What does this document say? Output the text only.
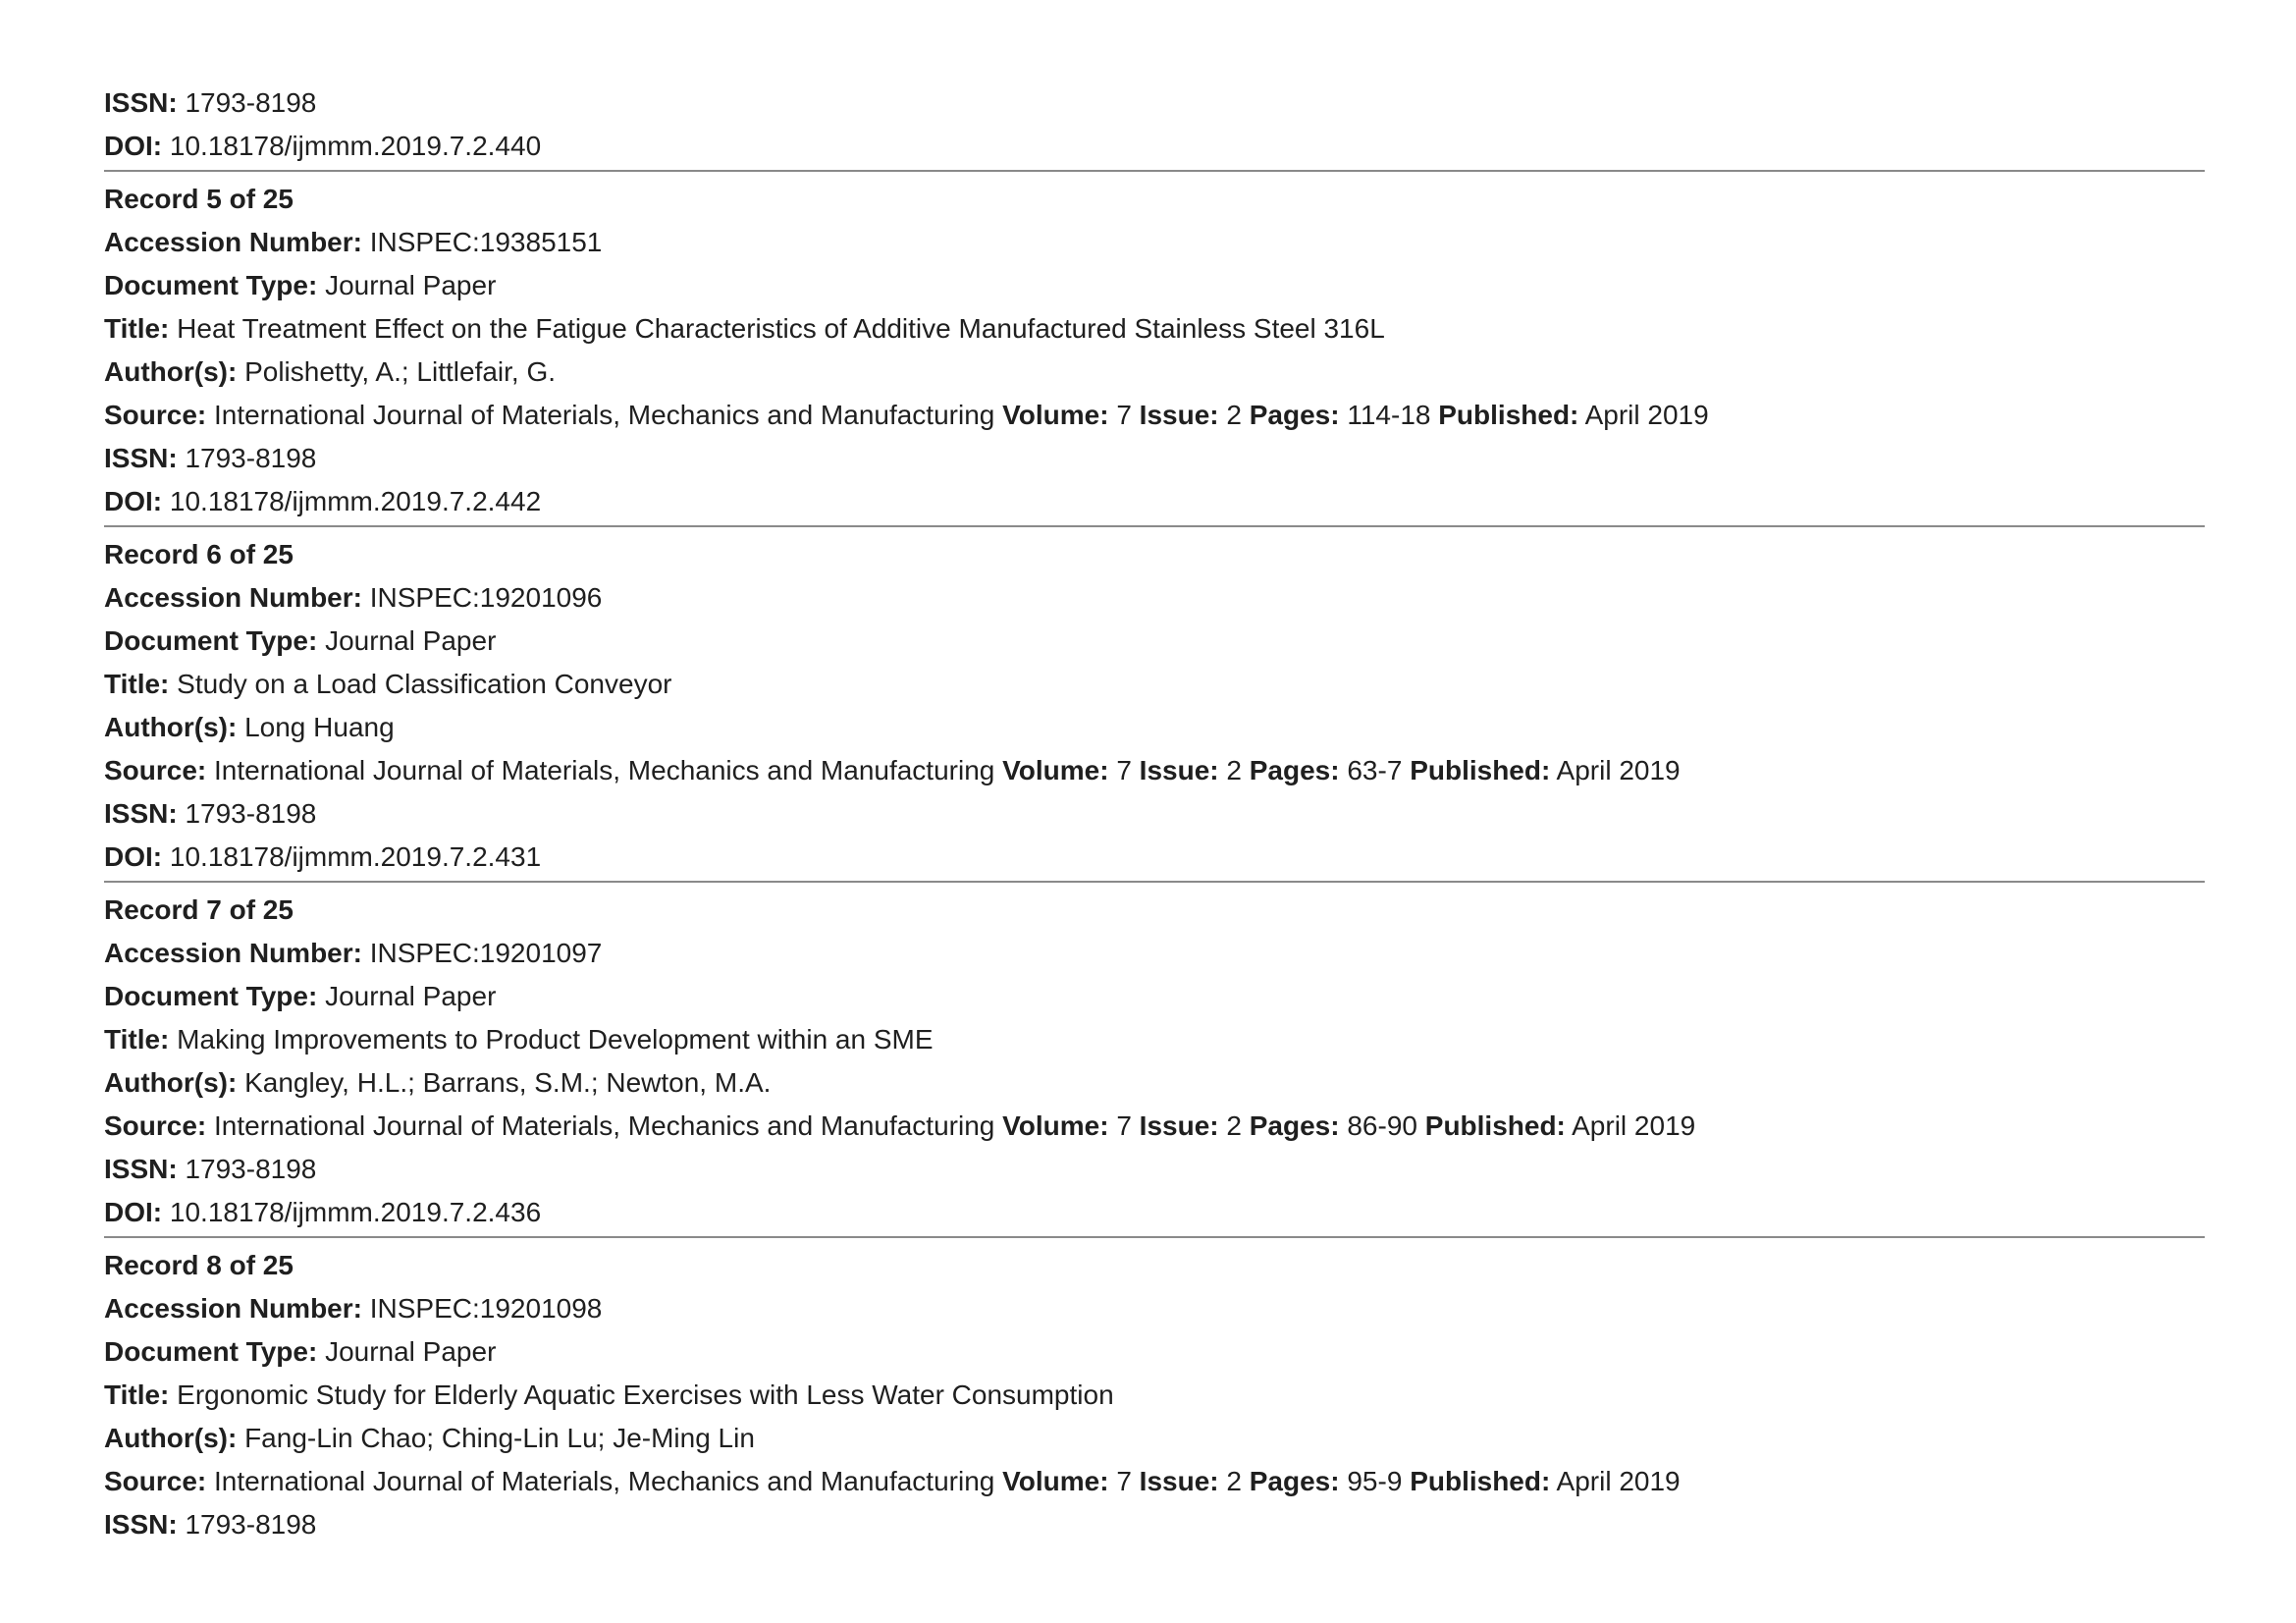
ISSN: 1793-8198
DOI: 10.18178/ijmmm.2019.7.2.440
Record 5 of 25
Accession Number: INSPEC:19385151
Document Type: Journal Paper
Title: Heat Treatment Effect on the Fatigue Characteristics of Additive Manufactured Stainless Steel 316L
Author(s): Polishetty, A.; Littlefair, G.
Source: International Journal of Materials, Mechanics and Manufacturing Volume: 7 Issue: 2 Pages: 114-18 Published: April 2019
ISSN: 1793-8198
DOI: 10.18178/ijmmm.2019.7.2.442
Record 6 of 25
Accession Number: INSPEC:19201096
Document Type: Journal Paper
Title: Study on a Load Classification Conveyor
Author(s): Long Huang
Source: International Journal of Materials, Mechanics and Manufacturing Volume: 7 Issue: 2 Pages: 63-7 Published: April 2019
ISSN: 1793-8198
DOI: 10.18178/ijmmm.2019.7.2.431
Record 7 of 25
Accession Number: INSPEC:19201097
Document Type: Journal Paper
Title: Making Improvements to Product Development within an SME
Author(s): Kangley, H.L.; Barrans, S.M.; Newton, M.A.
Source: International Journal of Materials, Mechanics and Manufacturing Volume: 7 Issue: 2 Pages: 86-90 Published: April 2019
ISSN: 1793-8198
DOI: 10.18178/ijmmm.2019.7.2.436
Record 8 of 25
Accession Number: INSPEC:19201098
Document Type: Journal Paper
Title: Ergonomic Study for Elderly Aquatic Exercises with Less Water Consumption
Author(s): Fang-Lin Chao; Ching-Lin Lu; Je-Ming Lin
Source: International Journal of Materials, Mechanics and Manufacturing Volume: 7 Issue: 2 Pages: 95-9 Published: April 2019
ISSN: 1793-8198
